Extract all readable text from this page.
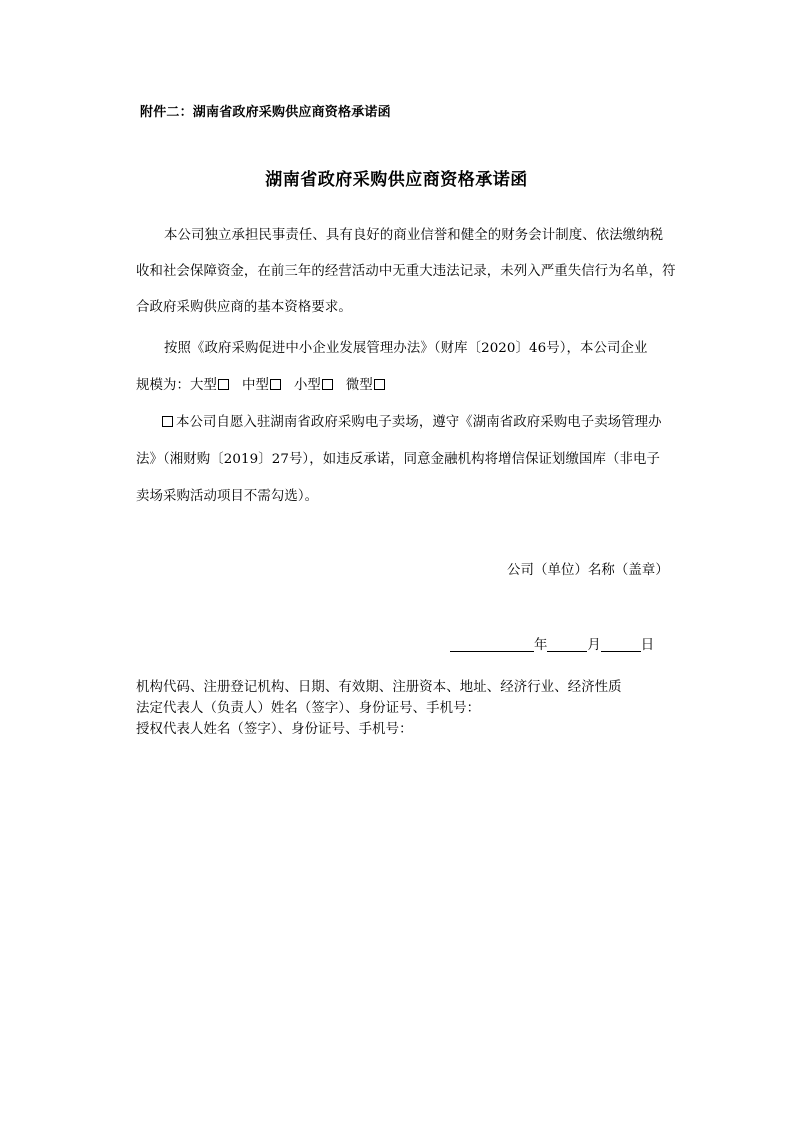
附件二：湖南省政府采购供应商资格承诺函
湖南省政府采购供应商资格承诺函
本公司独立承担民事责任、具有良好的商业信誉和健全的财务会计制度、依法缴纳税
收和社会保障资金，在前三年的经营活动中无重大违法记录，未列入严重失信行为名单，符
合政府采购供应商的基本资格要求。
按照《政府采购促进中小企业发展管理办法》（财库〔2020〕46号），本公司企业
规模为：大型 中型 小型 微型
本公司自愿入驻湖南省政府采购电子卖场，遵守《湖南省政府采购电子卖场管理办
法》（湘财购〔2019〕27号），如违反承诺，同意金融机构将增信保证划缴国库（非电子
卖场采购活动项目不需勾选）。
公司（单位）名称（盖章）
年	月	日
机构代码、注册登记机构、日期、有效期、注册资本、地址、经济行业、经济性质
法定代表人（负责人）姓名（签字）、身份证号、手机号：
授权代表人姓名（签字）、身份证号、手机号：
